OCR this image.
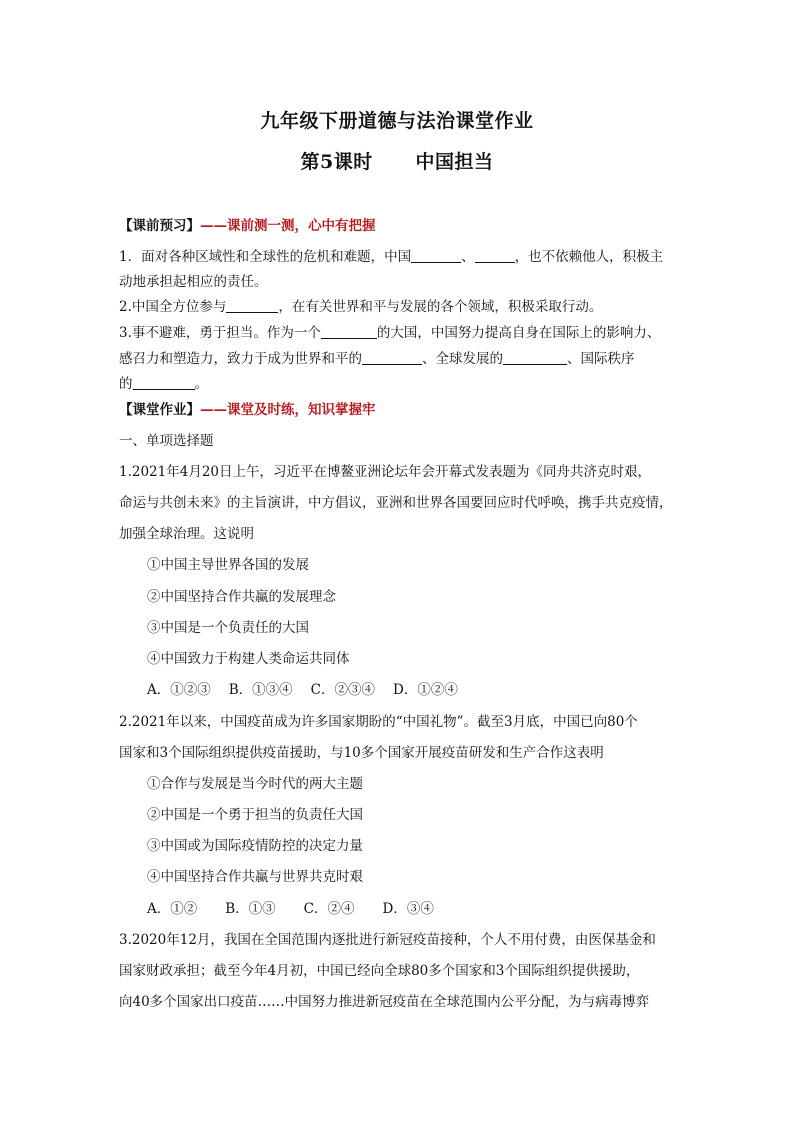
九年级下册道德与法治课堂作业
第5课时      中国担当
【课前预习】——课前测一测，心中有把握
1．面对各种区域性和全球性的危机和难题，中国	、	，也不依赖他人，积极主
动地承担起相应的责任。
2.中国全方位参与	，在有关世界和平与发展的各个领域，积极采取行动。
3.事不避难，勇于担当。作为一个	的大国，中国努力提高自身在国际上的影响力、
感召力和塑造力，致力于成为世界和平的	、全球发展的	、国际秩序
的	。
【课堂作业】——课堂及时练，知识掌握牢
一、单项选择题
1.2021年4月20日上午，习近平在博鳌亚洲论坛年会开幕式发表题为《同舟共济克时艰，
命运与共创未来》的主旨演讲，中方倡议，亚洲和世界各国要回应时代呼唤，携手共克疫情，
加强全球治理。这说明
①中国主导世界各国的发展
②中国坚持合作共赢的发展理念
③中国是一个负责任的大国
④中国致力于构建人类命运共同体
A．①②③ B．①③④ C．②③④ D．①②④
2.2021年以来，中国疫苗成为许多国家期盼的“中国礼物”。截至3月底，中国已向80个
国家和3个国际组织提供疫苗援助，与10多个国家开展疫苗研发和生产合作这表明
①合作与发展是当今时代的两大主题
②中国是一个勇于担当的负责任大国
③中国或为国际疫情防控的决定力量
④中国坚持合作共赢与世界共克时艰
A．①② B．①③ C．②④ D．③④
3.2020年12月，我国在全国范围内逐批进行新冠疫苗接种，个人不用付费，由医保基金和
国家财政承担；截至今年4月初，中国已经向全球80多个国家和3个国际组织提供援助，
向40多个国家出口疫苗……中国努力推进新冠疫苗在全球范围内公平分配，为与病毒博弈
